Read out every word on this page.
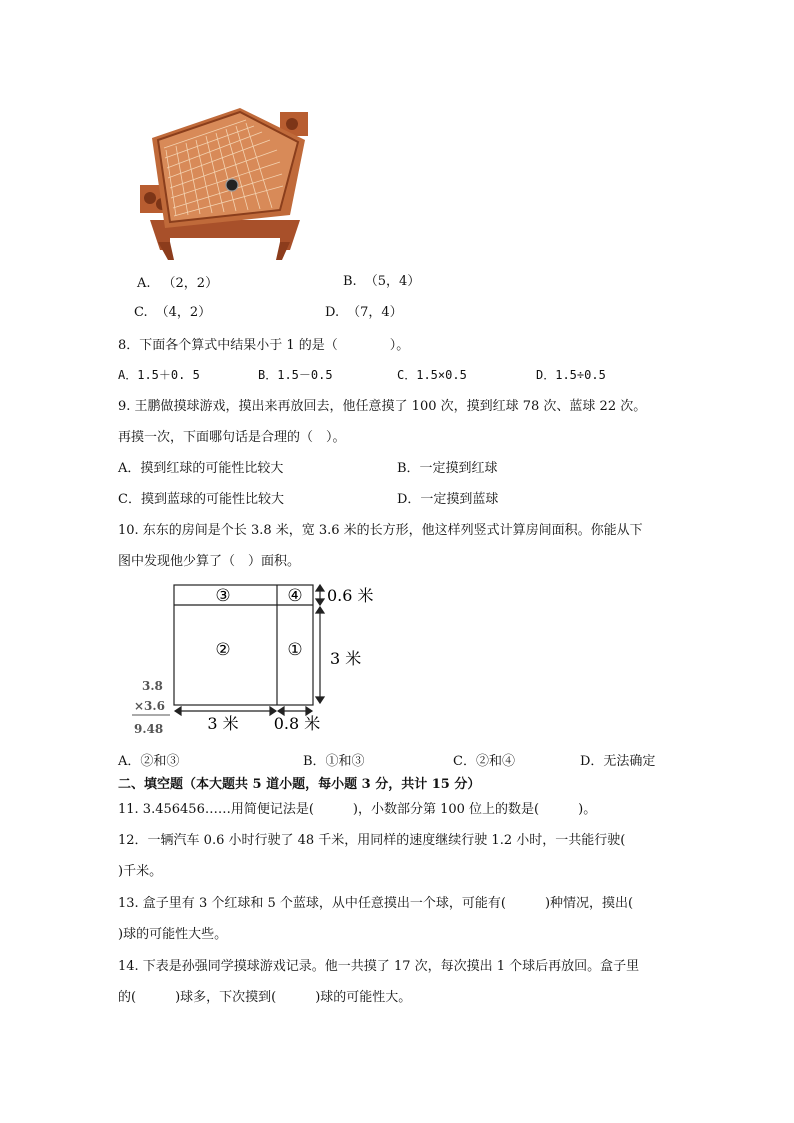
A. （2，2）	B. （5，4）
C. （4，2）	D. （7，4）
8．下面各个算式中结果小于 1 的是（　　　　）。
A．1.5＋0. 5	B．1.5－0.5	C．1.5×0.5	D．1.5÷0.5
9. 王鹏做摸球游戏，摸出来再放回去，他任意摸了 100 次，摸到红球 78 次、蓝球 22 次。
再摸一次，下面哪句话是合理的（　）。
A．摸到红球的可能性比较大	B．一定摸到红球
C．摸到蓝球的可能性比较大	D．一定摸到蓝球
10. 东东的房间是个长 3.8 米，宽 3.6 米的长方形，他这样列竖式计算房间面积。你能从下
图中发现他少算了（　）面积。
③	④
②	①
0.6 米
3 米
3 米 0.8 米
3.8
×3.6
9.48
A．②和③	B．①和③	C．②和④	D．无法确定
二、填空题（本大题共 5 道小题，每小题 3 分，共计 15 分）
11. 3.456456……用简便记法是(　　　)，小数部分第 100 位上的数是(　　　)。
12．一辆汽车 0.6 小时行驶了 48 千米，用同样的速度继续行驶 1.2 小时，一共能行驶(
)千米。
13. 盒子里有 3 个红球和 5 个蓝球，从中任意摸出一个球，可能有(　　　)种情况，摸出(
)球的可能性大些。
14. 下表是孙强同学摸球游戏记录。他一共摸了 17 次，每次摸出 1 个球后再放回。盒子里
的(　　　)球多，下次摸到(　　　)球的可能性大。
